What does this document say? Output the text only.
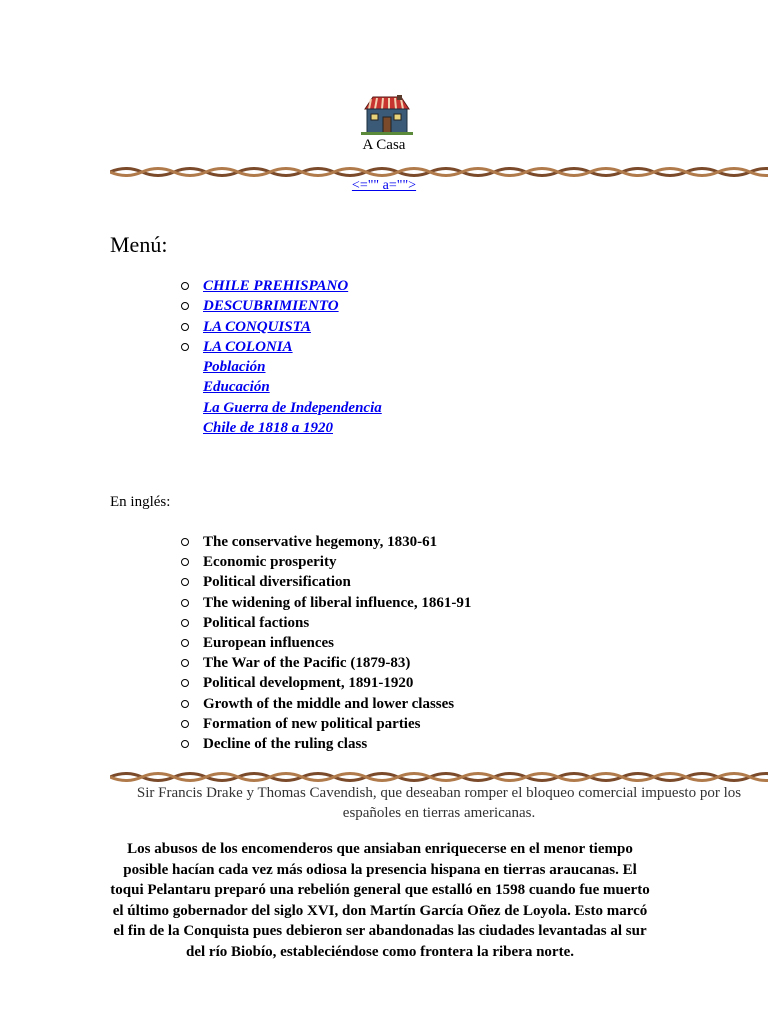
A Casa
<="" a="">
Menú:
CHILE PREHISPANO
DESCUBRIMIENTO
LA CONQUISTA
LA COLONIA
Población
Educación
La Guerra de Independencia
Chile de 1818 a 1920
En inglés:
The conservative hegemony, 1830-61
Economic prosperity
Political diversification
The widening of liberal influence, 1861-91
Political factions
European influences
The War of the Pacific (1879-83)
Political development, 1891-1920
Growth of the middle and lower classes
Formation of new political parties
Decline of the ruling class
Sir Francis Drake y Thomas Cavendish, que deseaban romper el bloqueo comercial impuesto por los españoles en tierras americanas.
Los abusos de los encomenderos que ansiaban enriquecerse en el menor tiempo posible hacían cada vez más odiosa la presencia hispana en tierras araucanas. El toqui Pelantaru preparó una rebelión general que estalló en 1598 cuando fue muerto el último gobernador del siglo XVI, don Martín García Oñez de Loyola. Esto marcó el fin de la Conquista pues debieron ser abandonadas las ciudades levantadas al sur del río Biobío, estableciéndose como frontera la ribera norte.
